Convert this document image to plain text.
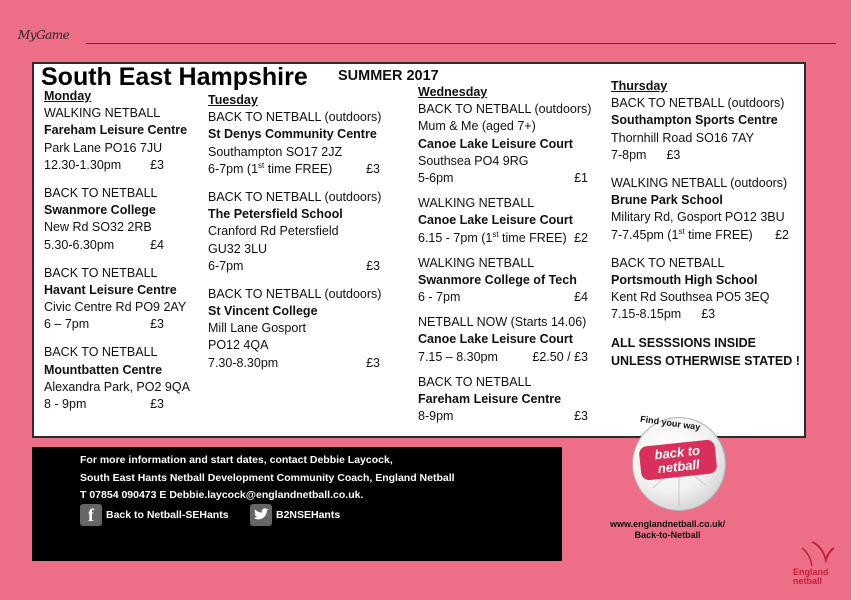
MyGame
South East Hampshire SUMMER 2017
Monday
WALKING NETBALL
Fareham Leisure Centre
Park Lane PO16 7JU
12.30-1.30pm £3
BACK TO NETBALL
Swanmore College
New Rd SO32 2RB
5.30-6.30pm	£4
BACK TO NETBALL
Havant Leisure Centre
Civic Centre Rd PO9 2AY
6 – 7pm	£3
BACK TO NETBALL
Mountbatten Centre
Alexandra Park, PO2 9QA
8 - 9pm	£3
Tuesday
BACK TO NETBALL (outdoors)
St Denys Community Centre
Southampton SO17 2JZ
6-7pm (1st time FREE)	£3
BACK TO NETBALL (outdoors)
The Petersfield School
Cranford Rd Petersfield
GU32 3LU
6-7pm	£3
BACK TO NETBALL (outdoors)
St Vincent College
Mill Lane Gosport
PO12 4QA
7.30-8.30pm	£3
Wednesday
BACK TO NETBALL (outdoors)
Mum & Me (aged 7+)
Canoe Lake Leisure Court
Southsea PO4 9RG
5-6pm	£1
WALKING NETBALL
Canoe Lake Leisure Court
6.15 - 7pm (1st time FREE) £2
WALKING NETBALL
Swanmore College of Tech
6 - 7pm	£4
NETBALL NOW (Starts 14.06)
Canoe Lake Leisure Court
7.15 – 8.30pm	£2.50 / £3
BACK TO NETBALL
Fareham Leisure Centre
8-9pm	£3
Thursday
BACK TO NETBALL (outdoors)
Southampton Sports Centre
Thornhill Road SO16 7AY
7-8pm £3
WALKING NETBALL (outdoors)
Brune Park School
Military Rd, Gosport PO12 3BU
7-7.45pm (1st time FREE) £2
BACK TO NETBALL
Portsmouth High School
Kent Rd Southsea PO5 3EQ
7.15-8.15pm £3
ALL SESSSIONS INSIDE
UNLESS OTHERWISE STATED !
For more information and start dates, contact Debbie Laycock,
South East Hants Netball Development Community Coach, England Netball
T 07854 090473 E Debbie.laycock@englandnetball.co.uk.
f	Back to Netball-SEHants	B2NSEHants
Find your way
back to
netball
www.englandnetball.co.uk/
Back-to-Netball
England
netball
